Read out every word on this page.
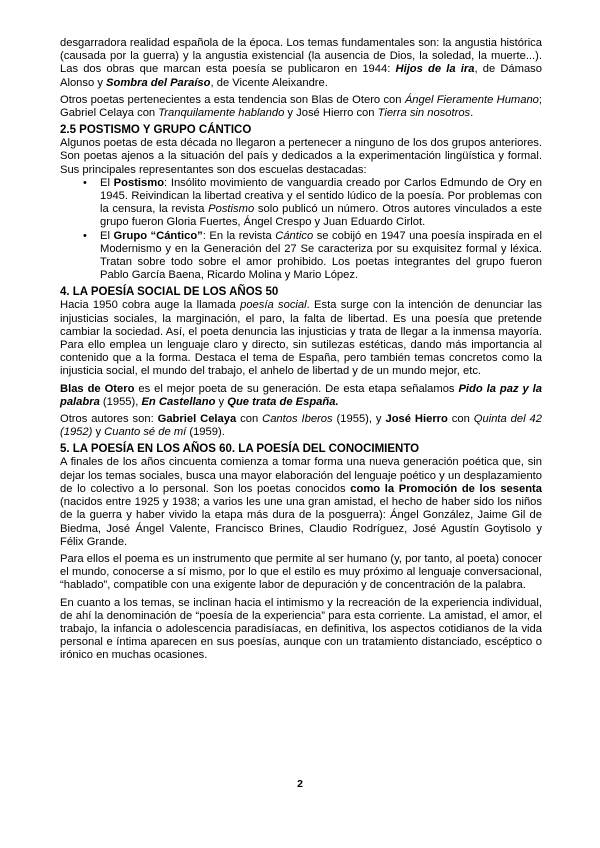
desgarradora realidad española de la época. Los temas fundamentales son: la angustia histórica (causada por la guerra) y la angustia existencial (la ausencia de Dios, la soledad, la muerte...). Las dos obras que marcan esta poesía se publicaron en 1944: Hijos de la ira, de Dámaso Alonso y Sombra del Paraíso, de Vicente Aleixandre.

Otros poetas pertenecientes a esta tendencia son Blas de Otero con Ángel Fieramente Humano; Gabriel Celaya con Tranquilamente hablando y José Hierro con Tierra sin nosotros.

2.5 POSTISMO Y GRUPO CÁNTICO

Algunos poetas de esta década no llegaron a pertenecer a ninguno de los dos grupos anteriores. Son poetas ajenos a la situación del país y dedicados a la experimentación lingüística y formal. Sus principales representantes son dos escuelas destacadas:

• El Postismo: Insólito movimiento de vanguardia creado por Carlos Edmundo de Ory en 1945. Reivindican la libertad creativa y el sentido lúdico de la poesía. Por problemas con la censura, la revista Postismo solo publicó un número. Otros autores vinculados a este grupo fueron Gloria Fuertes, Ángel Crespo y Juan Eduardo Cirlot.
• El Grupo “Cántico”: En la revista Cántico se cobijó en 1947 una poesía inspirada en el Modernismo y en la Generación del 27 Se caracteriza por su exquisitez formal y léxica. Tratan sobre todo sobre el amor prohibido. Los poetas integrantes del grupo fueron Pablo García Baena, Ricardo Molina y Mario López.
4. LA POESÍA SOCIAL DE LOS AÑOS 50

Hacia 1950 cobra auge la llamada poesía social. Esta surge con la intención de denunciar las injusticias sociales, la marginación, el paro, la falta de libertad. Es una poesía que pretende cambiar la sociedad. Así, el poeta denuncia las injusticias y trata de llegar a la inmensa mayoría. Para ello emplea un lenguaje claro y directo, sin sutilezas estéticas, dando más importancia al contenido que a la forma. Destaca el tema de España, pero también temas concretos como la injusticia social, el mundo del trabajo, el anhelo de libertad y de un mundo mejor, etc.

Blas de Otero es el mejor poeta de su generación. De esta etapa señalamos Pido la paz y la palabra (1955), En Castellano y Que trata de España.

Otros autores son: Gabriel Celaya con Cantos Iberos (1955), y José Hierro con Quinta del 42 (1952) y Cuanto sé de mí (1959).

5. LA POESÍA EN LOS AÑOS 60. LA POESÍA DEL CONOCIMIENTO

A finales de los años cincuenta comienza a tomar forma una nueva generación poética que, sin dejar los temas sociales, busca una mayor elaboración del lenguaje poético y un desplazamiento de lo colectivo a lo personal. Son los poetas conocidos como la Promoción de los sesenta (nacidos entre 1925 y 1938; a varios les une una gran amistad, el hecho de haber sido los niños de la guerra y haber vivido la etapa más dura de la posguerra): Ángel González, Jaime Gil de Biedma, José Ángel Valente, Francisco Brines, Claudio Rodríguez, José Agustín Goytisolo y Félix Grande.

Para ellos el poema es un instrumento que permite al ser humano (y, por tanto, al poeta) conocer el mundo, conocerse a sí mismo, por lo que el estilo es muy próximo al lenguaje conversacional, “hablado”, compatible con una exigente labor de depuración y de concentración de la palabra.

En cuanto a los temas, se inclinan hacia el intimismo y la recreación de la experiencia individual, de ahí la denominación de “poesía de la experiencia” para esta corriente. La amistad, el amor, el trabajo, la infancia o adolescencia paradisíacas, en definitiva, los aspectos cotidianos de la vida personal e íntima aparecen en sus poesías, aunque con un tratamiento distanciado, escéptico o irónico en muchas ocasiones.

2
